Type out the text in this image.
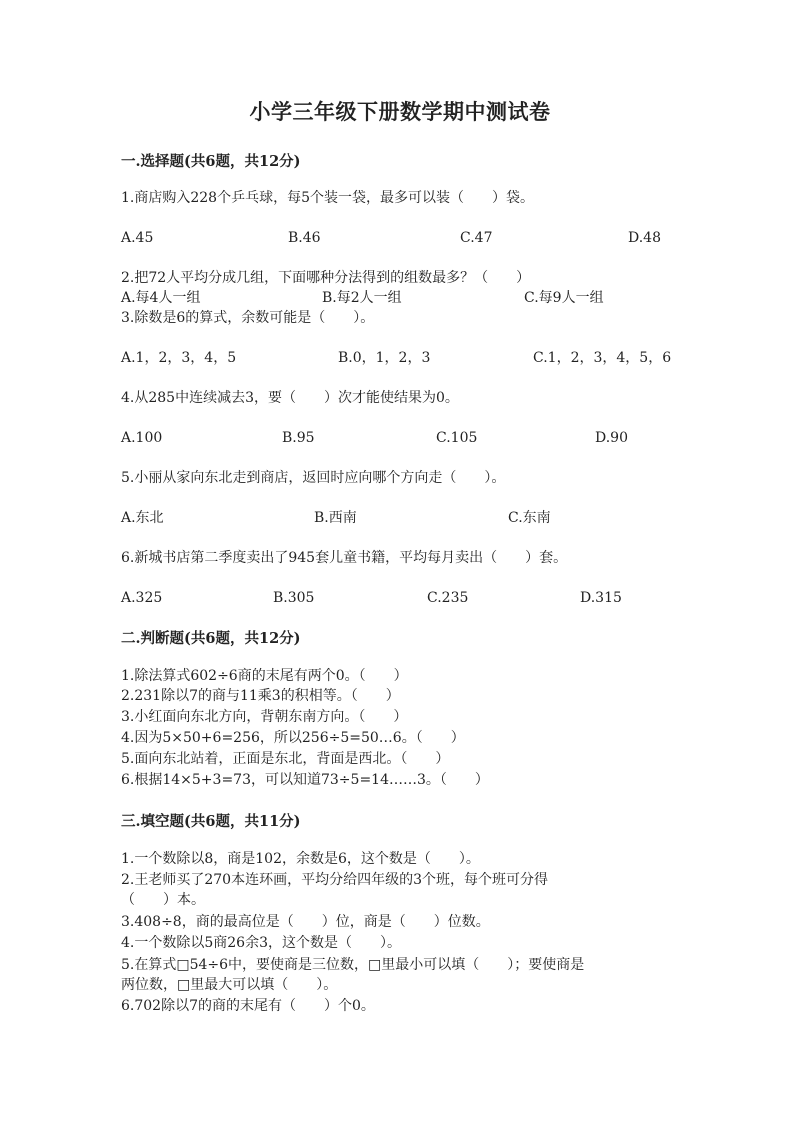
小学三年级下册数学期中测试卷
一.选择题(共6题，共12分)
1.商店购入228个乒乓球，每5个装一袋，最多可以装（　　）袋。
A.45	B.46	C.47	D.48
2.把72人平均分成几组，下面哪种分法得到的组数最多？（　　）
A.每4人一组	B.每2人一组	C.每9人一组
3.除数是6的算式，余数可能是（　　）。
A.1，2，3，4，5	B.0，1，2，3	C.1，2，3，4，5，6
4.从285中连续减去3，要（　　）次才能使结果为0。
A.100	B.95	C.105	D.90
5.小丽从家向东北走到商店，返回时应向哪个方向走（　　）。
A.东北	B.西南	C.东南
6.新城书店第二季度卖出了945套儿童书籍，平均每月卖出（　　）套。
A.325	B.305	C.235	D.315
二.判断题(共6题，共12分)
1.除法算式602÷6商的末尾有两个0。（　　）
2.231除以7的商与11乘3的积相等。（　　）
3.小红面向东北方向，背朝东南方向。（　　）
4.因为5×50+6=256，所以256÷5=50…6。（　　）
5.面向东北站着，正面是东北，背面是西北。（　　）
6.根据14×5+3=73，可以知道73÷5=14……3。（　　）
三.填空题(共6题，共11分)
1.一个数除以8，商是102，余数是6，这个数是（　　）。
2.王老师买了270本连环画，平均分给四年级的3个班，每个班可分得
（　　）本。
3.408÷8，商的最高位是（　　）位，商是（　　）位数。
4.一个数除以5商26余3，这个数是（　　）。
5.在算式□54÷6中，要使商是三位数，□里最小可以填（　　）；要使商是
两位数，□里最大可以填（　　）。
6.702除以7的商的末尾有（　　）个0。
